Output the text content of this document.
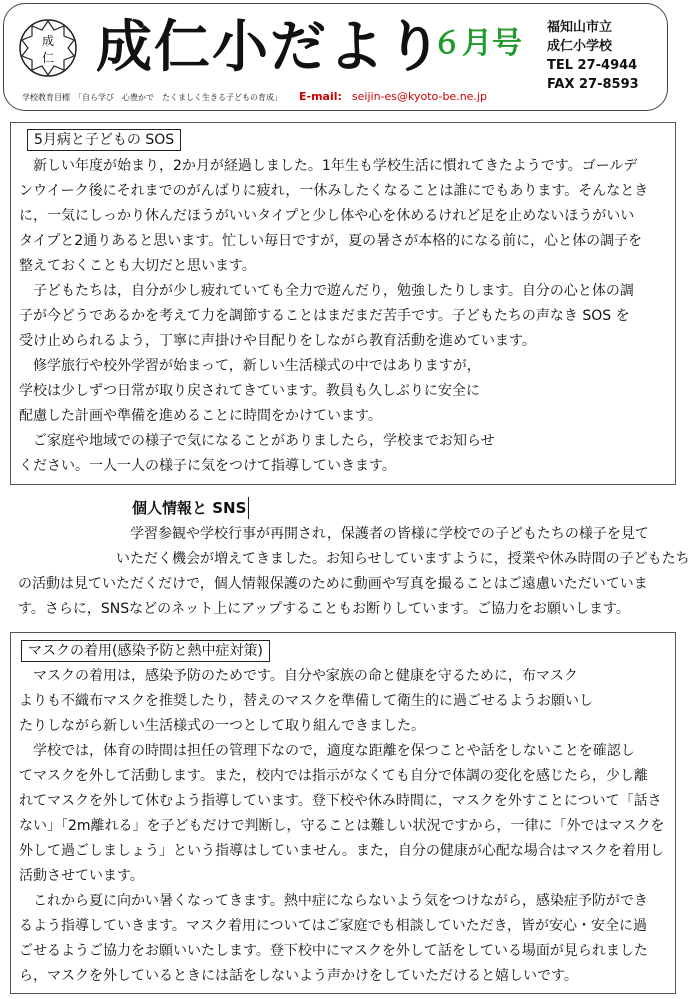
成
仁 成仁小だより
６月号 福知山市立
成仁小学校
TEL 27-4944
FAX 27-8593
学校教育目標　「自ら学び　心豊かで　たくましく生きる子どもの育成」 E-mail: seijin-es@kyoto-be.ne.jp
5月病と子どもの SOS
　新しい年度が始まり，2か月が経過しました。1年生も学校生活に慣れてきたようです。ゴールデ
ンウイーク後にそれまでのがんばりに疲れ，一休みしたくなることは誰にでもあります。そんなとき
に，一気にしっかり休んだほうがいいタイプと少し体や心を休めるけれど足を止めないほうがいい
タイプと2通りあると思います。忙しい毎日ですが，夏の暑さが本格的になる前に，心と体の調子を
整えておくことも大切だと思います。
　子どもたちは，自分が少し疲れていても全力で遊んだり，勉強したりします。自分の心と体の調
子が今どうであるかを考えて力を調節することはまだまだ苦手です。子どもたちの声なき SOS を
受け止められるよう，丁寧に声掛けや目配りをしながら教育活動を進めています。
　修学旅行や校外学習が始まって，新しい生活様式の中ではありますが，
学校は少しずつ日常が取り戻されてきています。教員も久しぶりに安全に
配慮した計画や準備を進めることに時間をかけています。
　ご家庭や地域での様子で気になることがありましたら，学校までお知らせ
ください。一人一人の様子に気をつけて指導していきます。
個人情報と SNS
　　　　　　　　学習参観や学校行事が再開され，保護者の皆様に学校での子どもたちの様子を見て
　　　　　　　いただく機会が増えてきました。お知らせしていますように，授業や休み時間の子どもたち
の活動は見ていただくだけで，個人情報保護のために動画や写真を撮ることはご遠慮いただいていま
す。さらに，SNSなどのネット上にアップすることもお断りしています。ご協力をお願いします。
マスクの着用(感染予防と熱中症対策)
　マスクの着用は，感染予防のためです。自分や家族の命と健康を守るために，布マスク
よりも不織布マスクを推奨したり，替えのマスクを準備して衛生的に過ごせるようお願いし
たりしながら新しい生活様式の一つとして取り組んできました。
　学校では，体育の時間は担任の管理下なので，適度な距離を保つことや話をしないことを確認し
てマスクを外して活動します。また，校内では指示がなくても自分で体調の変化を感じたら，少し離
れてマスクを外して休むよう指導しています。登下校や休み時間に，マスクを外すことについて「話さ
ない」「2m離れる」を子どもだけで判断し，守ることは難しい状況ですから，一律に「外ではマスクを
外して過ごしましょう」という指導はしていません。また，自分の健康が心配な場合はマスクを着用し
活動させています。
　これから夏に向かい暑くなってきます。熱中症にならないよう気をつけながら，感染症予防ができ
るよう指導していきます。マスク着用についてはご家庭でも相談していただき，皆が安心・安全に過
ごせるようご協力をお願いいたします。登下校中にマスクを外して話をしている場面が見られました
ら，マスクを外しているときには話をしないよう声かけをしていただけると嬉しいです。
